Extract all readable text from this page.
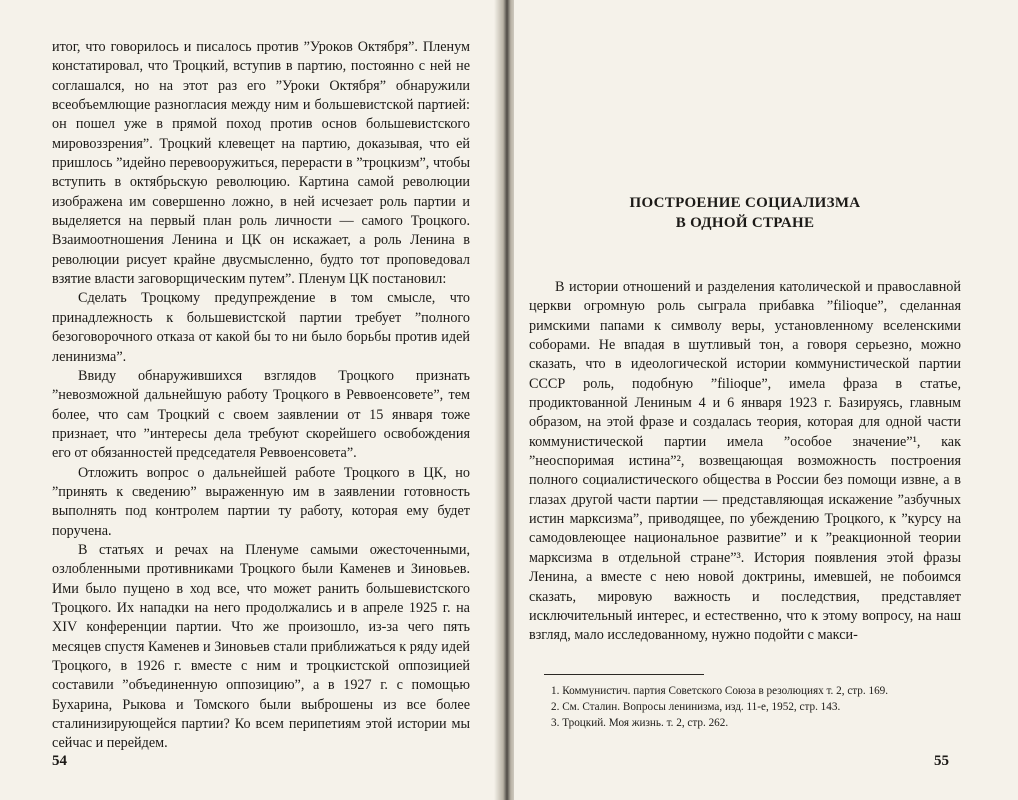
итог, что говорилось и писалось против ”Уроков Октября”. Пленум констатировал, что Троцкий, вступив в партию, постоянно с ней не соглашался, но на этот раз его ”Уроки Октября” обнаружили всеобъемлющие разногласия между ним и большевистской партией: он пошел уже в прямой поход против основ большевистского мировоззрения”. Троцкий клевещет на партию, доказывая, что ей пришлось ”идейно перевооружиться, перерасти в ”троцкизм”, чтобы вступить в октябрьскую революцию. Картина самой революции изображена им совершенно ложно, в ней исчезает роль партии и выделяется на первый план роль личности — самого Троцкого. Взаимоотношения Ленина и ЦК он искажает, а роль Ленина в революции рисует крайне двусмысленно, будто тот проповедовал взятие власти заговорщическим путем”. Пленум ЦК постановил:

Сделать Троцкому предупреждение в том смысле, что принадлежность к большевистской партии требует ”полного безоговорочного отказа от какой бы то ни было борьбы против идей ленинизма”.

Ввиду обнаружившихся взглядов Троцкого признать ”невозможной дальнейшую работу Троцкого в Реввоенсовете”, тем более, что сам Троцкий с своем заявлении от 15 января тоже признает, что ”интересы дела требуют скорейшего освобождения его от обязанностей председателя Реввоенсовета”.

Отложить вопрос о дальнейшей работе Троцкого в ЦК, но ”принять к сведению” выраженную им в заявлении готовность выполнять под контролем партии ту работу, которая ему будет поручена.

В статьях и речах на Пленуме самыми ожесточенными, озлобленными противниками Троцкого были Каменев и Зиновьев. Ими было пущено в ход все, что может ранить большевистского Троцкого. Их нападки на него продолжались и в апреле 1925 г. на XIV конференции партии. Что же произошло, из-за чего пять месяцев спустя Каменев и Зиновьев стали приближаться к ряду идей Троцкого, в 1926 г. вместе с ним и троцкистской оппозицией составили ”объединенную оппозицию”, а в 1927 г. с помощью Бухарина, Рыкова и Томского были выброшены из все более сталинизирующейся партии? Ко всем перипетиям этой истории мы сейчас и перейдем.

54
ПОСТРОЕНИЕ СОЦИАЛИЗМА
В ОДНОЙ СТРАНЕ

В истории отношений и разделения католической и православной церкви огромную роль сыграла прибавка ”filioque”, сделанная римскими папами к символу веры, установленному вселенскими соборами. Не впадая в шутливый тон, а говоря серьезно, можно сказать, что в идеологической истории коммунистической партии СССР роль, подобную ”filioque”, имела фраза в статье, продиктованной Лениным 4 и 6 января 1923 г. Базируясь, главным образом, на этой фразе и создалась теория, которая для одной части коммунистической партии имела ”особое значение”¹, как ”неоспоримая истина”², возвещающая возможность построения полного социалистического общества в России без помощи извне, а в глазах другой части партии — представляющая искажение ”азбучных истин марксизма”, приводящее, по убеждению Троцкого, к ”курсу на самодовлеющее национальное развитие” и к ”реакционной теории марксизма в отдельной стране”³. История появления этой фразы Ленина, а вместе с нею новой доктрины, имевшей, не побоимся сказать, мировую важность и последствия, представляет исключительный интерес, и естественно, что к этому вопросу, на наш взгляд, мало исследованному, нужно подойти с макси-

1. Коммунистич. партия Советского Союза в резолюциях т. 2, стр. 169.
2. См. Сталин. Вопросы ленинизма, изд. 11-е, 1952, стр. 143.
3. Троцкий. Моя жизнь. т. 2, стр. 262.
55
